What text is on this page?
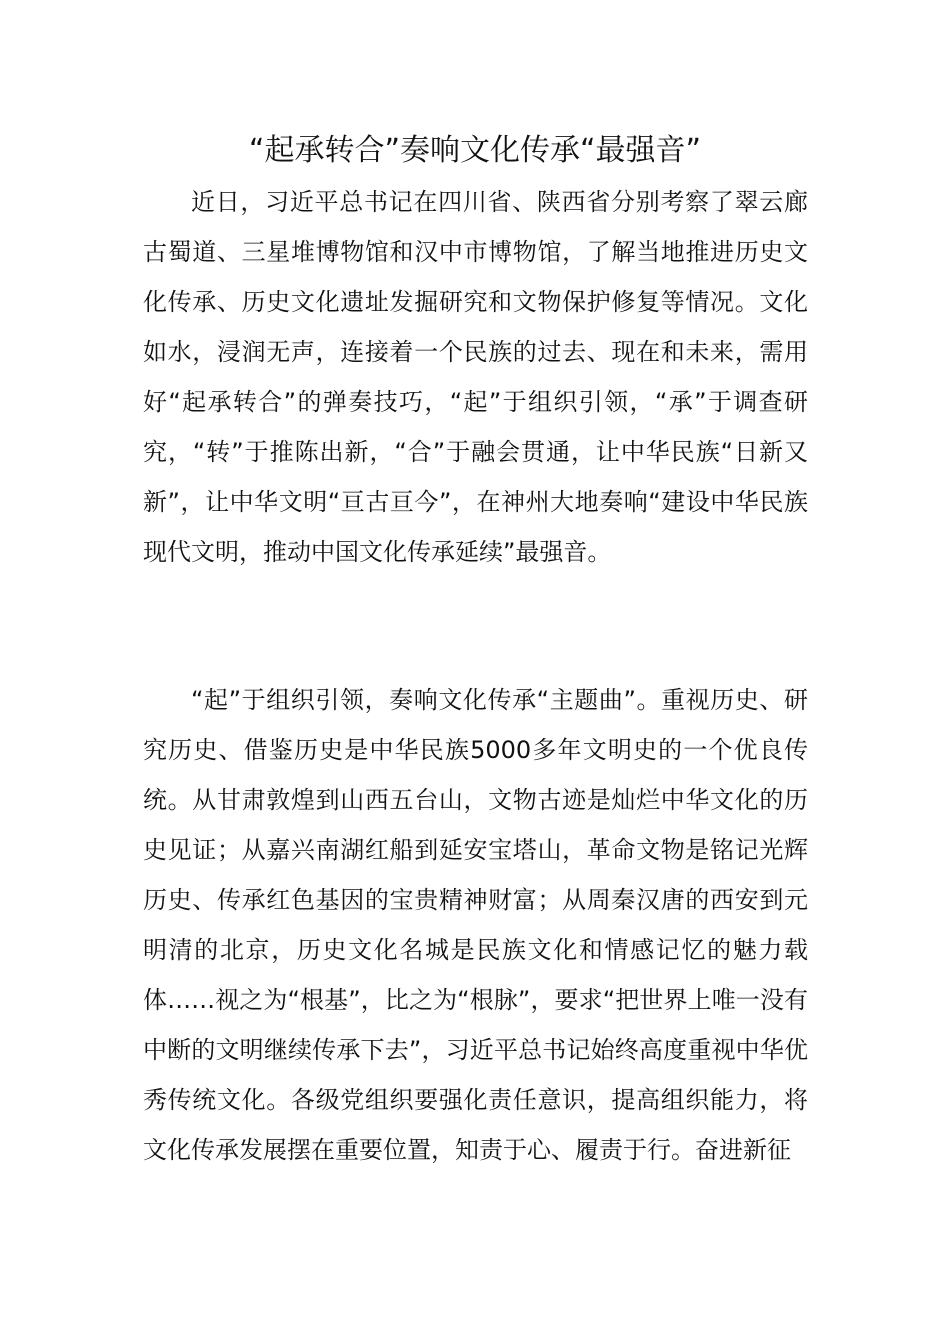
“起承转合”奏响文化传承“最强音”

近日，习近平总书记在四川省、陕西省分别考察了翠云廊古蜀道、三星堆博物馆和汉中市博物馆，了解当地推进历史文化传承、历史文化遗址发掘研究和文物保护修复等情况。文化如水，浸润无声，连接着一个民族的过去、现在和未来，需用好“起承转合”的弹奏技巧，“起”于组织引领，“承”于调查研究，“转”于推陈出新，“合”于融会贯通，让中华民族“日新又新”，让中华文明“亘古亘今”，在神州大地奏响“建设中华民族现代文明，推动中国文化传承延续”最强音。

“起”于组织引领，奏响文化传承“主题曲”。重视历史、研究历史、借鉴历史是中华民族5000多年文明史的一个优良传统。从甘肃敦煌到山西五台山，文物古迹是灿烂中华文化的历史见证；从嘉兴南湖红船到延安宝塔山，革命文物是铭记光辉历史、传承红色基因的宝贵精神财富；从周秦汉唐的西安到元明清的北京，历史文化名城是民族文化和情感记忆的魅力载体……视之为“根基”，比之为“根脉”，要求“把世界上唯一没有中断的文明继续传承下去”，习近平总书记始终高度重视中华优秀传统文化。各级党组织要强化责任意识，提高组织能力，将文化传承发展摆在重要位置，知责于心、履责于行。奋进新征
